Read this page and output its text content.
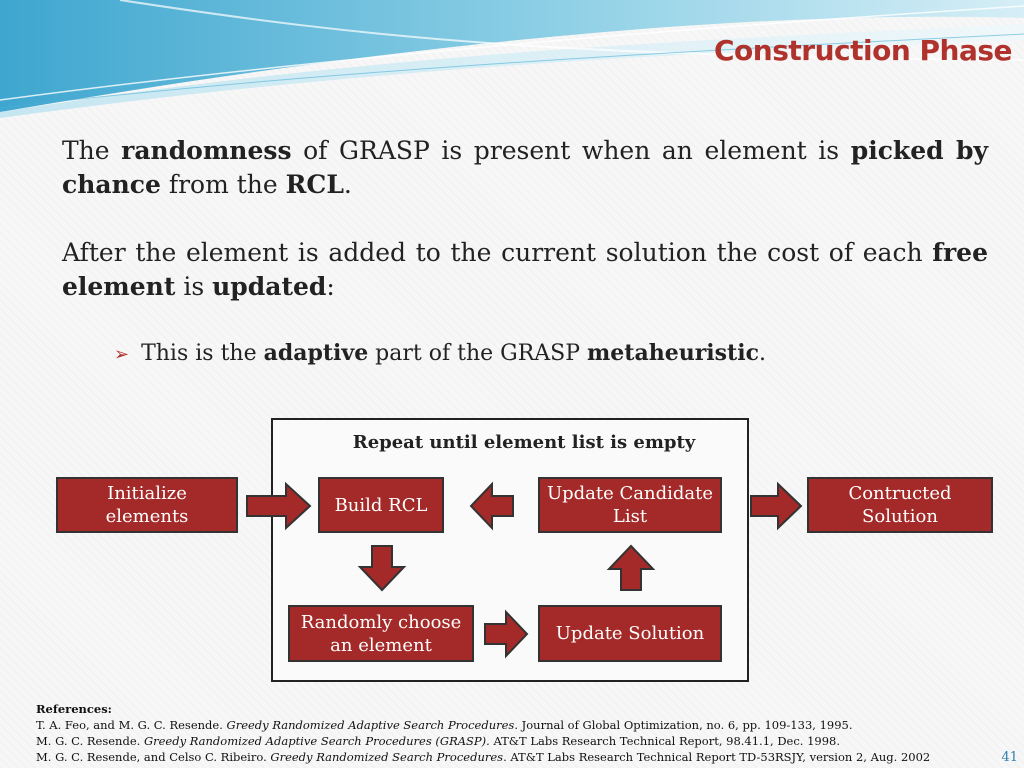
Construction Phase
The randomness of GRASP is present when an element is picked by chance from the RCL.
After the element is added to the current solution the cost of each free element is updated:
➢ This is the adaptive part of the GRASP metaheuristic.
Repeat until element list is empty
Initialize elements
Build RCL
Update Candidate List
Contructed Solution
Randomly choose an element
Update Solution
References:
T. A. Feo, and M. G. C. Resende. Greedy Randomized Adaptive Search Procedures. Journal of Global Optimization, no. 6, pp. 109-133, 1995.
M. G. C. Resende. Greedy Randomized Adaptive Search Procedures (GRASP). AT&T Labs Research Technical Report, 98.41.1, Dec. 1998.
M. G. C. Resende, and Celso C. Ribeiro. Greedy Randomized Search Procedures. AT&T Labs Research Technical Report TD-53RSJY, version 2, Aug. 2002	41
